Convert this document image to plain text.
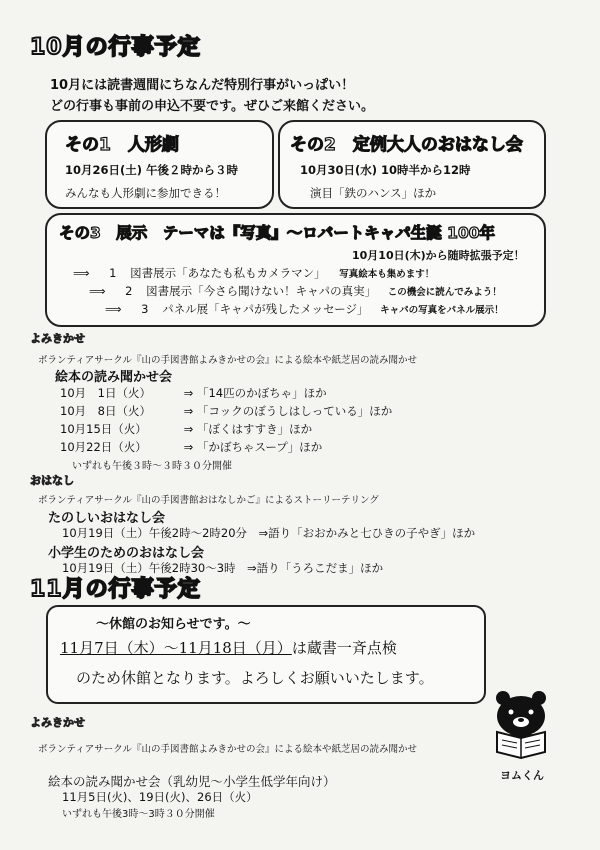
10月の行事予定
10月には読書週間にちなんだ特別行事がいっぱい！
どの行事も事前の申込不要です。ぜひご来館ください。
その1　人形劇
10月26日(土) 午後２時から３時
みんなも人形劇に参加できる！
その2　定例大人のおはなし会
10月30日(水) 10時半から12時
演目「鉄のハンス」ほか
その3　展示　テーマは『写真』～ロバートキャパ生誕 100年
10月10日(木)から随時拡張予定！
⟹ 1 図書展示「あなたも私もカメラマン」 写真絵本も集めます！
⟹ 2 図書展示「今さら聞けない！キャパの真実」 この機会に読んでみよう！
⟹ 3 パネル展「キャパが残したメッセージ」 キャパの写真をパネル展示！
よみきかせ
ボランティアサークル『山の手図書館よみきかせの会』による絵本や紙芝居の読み聞かせ
絵本の読み聞かせ会
10月　1日（火）	⇒ 「14匹のかぼちゃ」ほか
10月　8日（火）	⇒ 「コックのぼうしはしっている」ほか
10月15日（火）	⇒ 「ぼくはすすき」ほか
10月22日（火）	⇒ 「かぼちゃスープ」ほか
いずれも午後３時～３時３０分開催
おはなし
ボランティアサークル『山の手図書館おはなしかご』によるストーリーテリング
たのしいおはなし会
10月19日（土）午後2時～2時20分　⇒語り「おおかみと七ひきの子やぎ」ほか
小学生のためのおはなし会
10月19日（土）午後2時30～3時　⇒語り「うろこだま」ほか
11月の行事予定
～休館のお知らせです。～
11月7日（木）～11月18日（月）は蔵書一斉点検
のため休館となります。よろしくお願いいたします。
よみきかせ
ボランティアサークル『山の手図書館よみきかせの会』による絵本や紙芝居の読み聞かせ
絵本の読み聞かせ会（乳幼児～小学生低学年向け）
11月5日(火)、19日(火)、26日（火）
いずれも午後3時～3時３０分開催
ヨムくん
